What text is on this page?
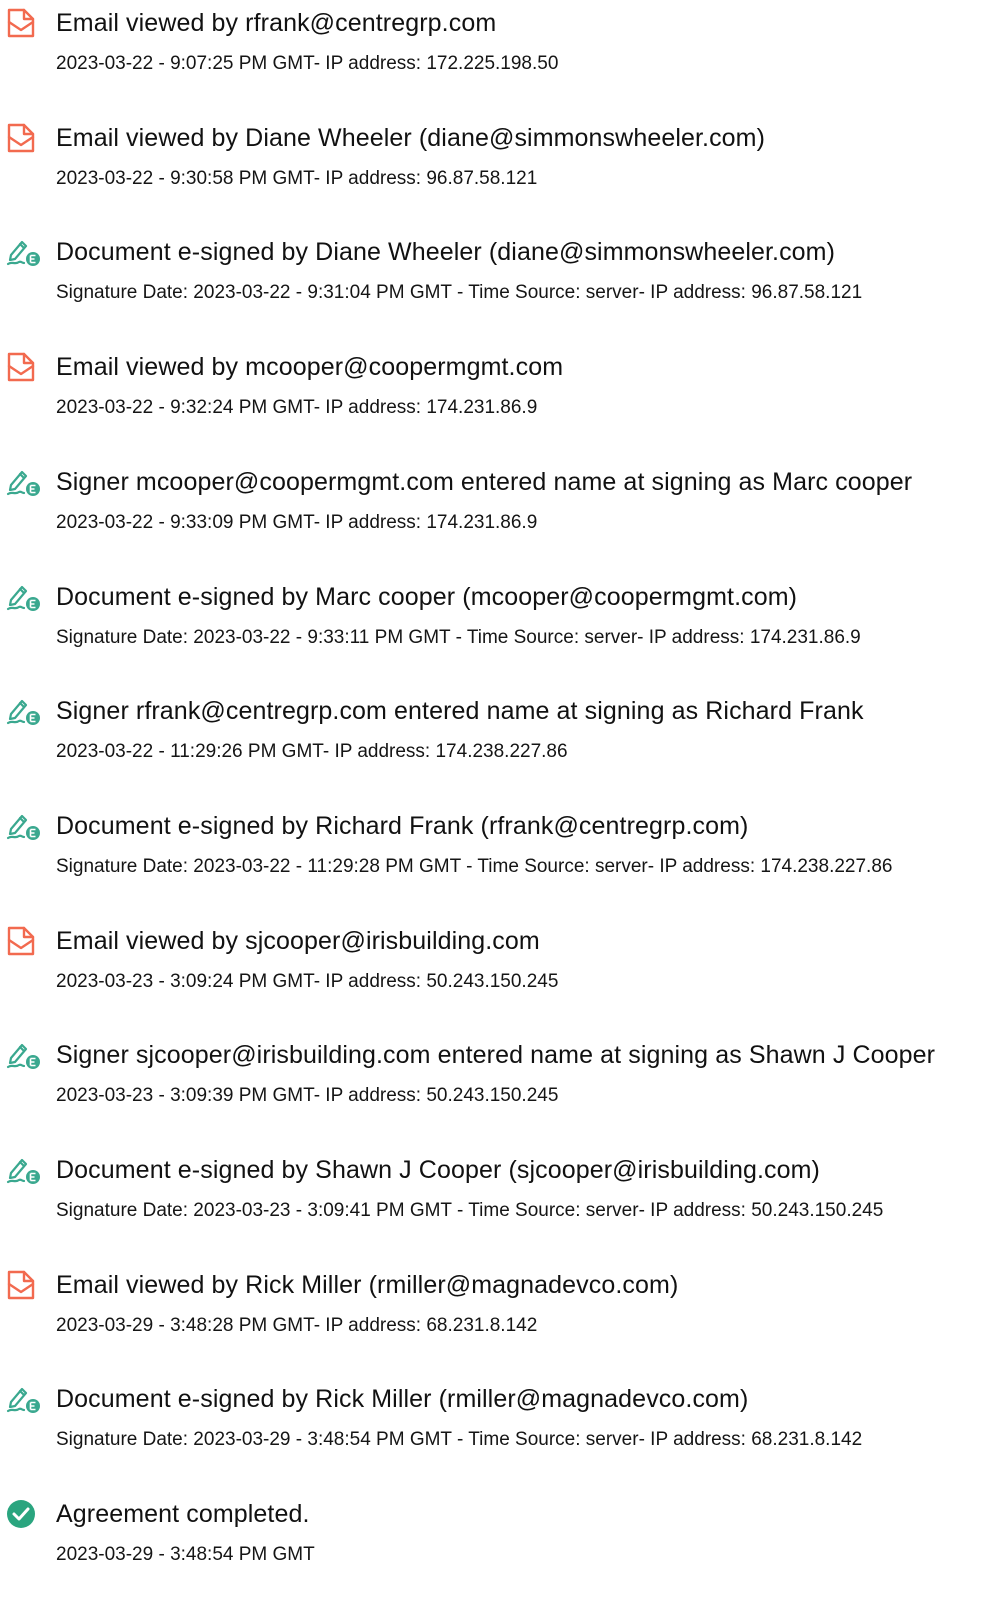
Email viewed by rfrank@centregrp.com
2023-03-22 - 9:07:25 PM GMT- IP address: 172.225.198.50
Email viewed by Diane Wheeler (diane@simmonswheeler.com)
2023-03-22 - 9:30:58 PM GMT- IP address: 96.87.58.121
Document e-signed by Diane Wheeler (diane@simmonswheeler.com)
Signature Date: 2023-03-22 - 9:31:04 PM GMT - Time Source: server- IP address: 96.87.58.121
Email viewed by mcooper@coopermgmt.com
2023-03-22 - 9:32:24 PM GMT- IP address: 174.231.86.9
Signer mcooper@coopermgmt.com entered name at signing as Marc cooper
2023-03-22 - 9:33:09 PM GMT- IP address: 174.231.86.9
Document e-signed by Marc cooper (mcooper@coopermgmt.com)
Signature Date: 2023-03-22 - 9:33:11 PM GMT - Time Source: server- IP address: 174.231.86.9
Signer rfrank@centregrp.com entered name at signing as Richard Frank
2023-03-22 - 11:29:26 PM GMT- IP address: 174.238.227.86
Document e-signed by Richard Frank (rfrank@centregrp.com)
Signature Date: 2023-03-22 - 11:29:28 PM GMT - Time Source: server- IP address: 174.238.227.86
Email viewed by sjcooper@irisbuilding.com
2023-03-23 - 3:09:24 PM GMT- IP address: 50.243.150.245
Signer sjcooper@irisbuilding.com entered name at signing as Shawn J Cooper
2023-03-23 - 3:09:39 PM GMT- IP address: 50.243.150.245
Document e-signed by Shawn J Cooper (sjcooper@irisbuilding.com)
Signature Date: 2023-03-23 - 3:09:41 PM GMT - Time Source: server- IP address: 50.243.150.245
Email viewed by Rick Miller (rmiller@magnadevco.com)
2023-03-29 - 3:48:28 PM GMT- IP address: 68.231.8.142
Document e-signed by Rick Miller (rmiller@magnadevco.com)
Signature Date: 2023-03-29 - 3:48:54 PM GMT - Time Source: server- IP address: 68.231.8.142
Agreement completed.
2023-03-29 - 3:48:54 PM GMT
